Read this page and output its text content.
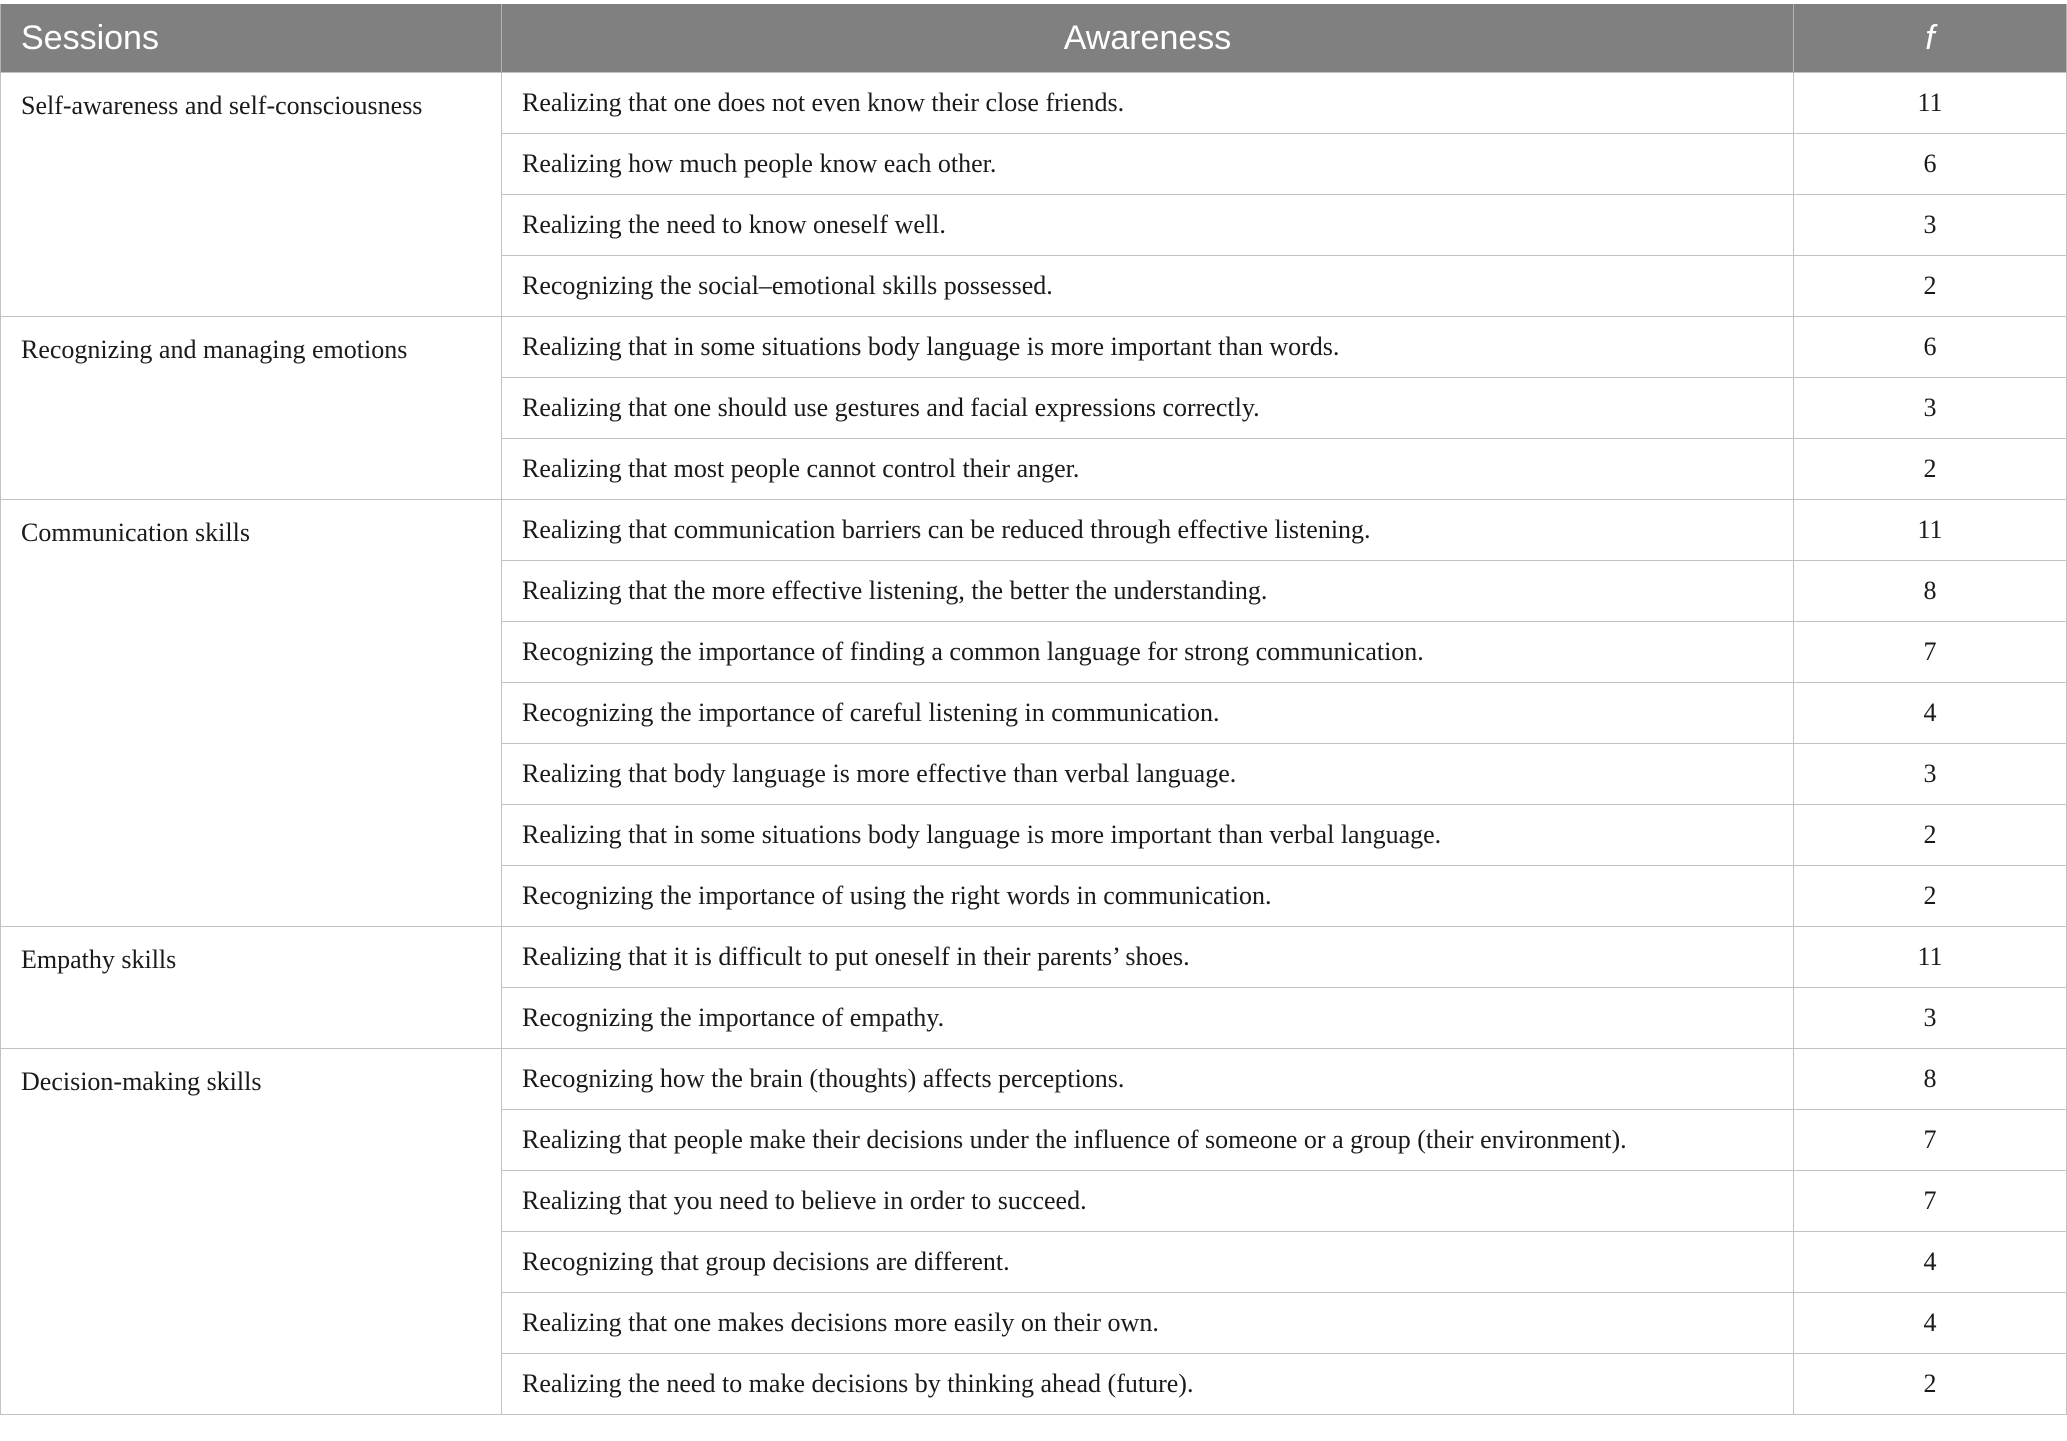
Sessions	Awareness	f
Self-awareness and self-consciousness	Realizing that one does not even know their close friends.	11
	Realizing how much people know each other.	6
	Realizing the need to know oneself well.	3
	Recognizing the social–emotional skills possessed.	2
Recognizing and managing emotions	Realizing that in some situations body language is more important than words.	6
	Realizing that one should use gestures and facial expressions correctly.	3
	Realizing that most people cannot control their anger.	2
Communication skills	Realizing that communication barriers can be reduced through effective listening.	11
	Realizing that the more effective listening, the better the understanding.	8
	Recognizing the importance of finding a common language for strong communication.	7
	Recognizing the importance of careful listening in communication.	4
	Realizing that body language is more effective than verbal language.	3
	Realizing that in some situations body language is more important than verbal language.	2
	Recognizing the importance of using the right words in communication.	2
Empathy skills	Realizing that it is difficult to put oneself in their parents’ shoes.	11
	Recognizing the importance of empathy.	3
Decision-making skills	Recognizing how the brain (thoughts) affects perceptions.	8
	Realizing that people make their decisions under the influence of someone or a group (their environment).	7
	Realizing that you need to believe in order to succeed.	7
	Recognizing that group decisions are different.	4
	Realizing that one makes decisions more easily on their own.	4
	Realizing the need to make decisions by thinking ahead (future).	2
